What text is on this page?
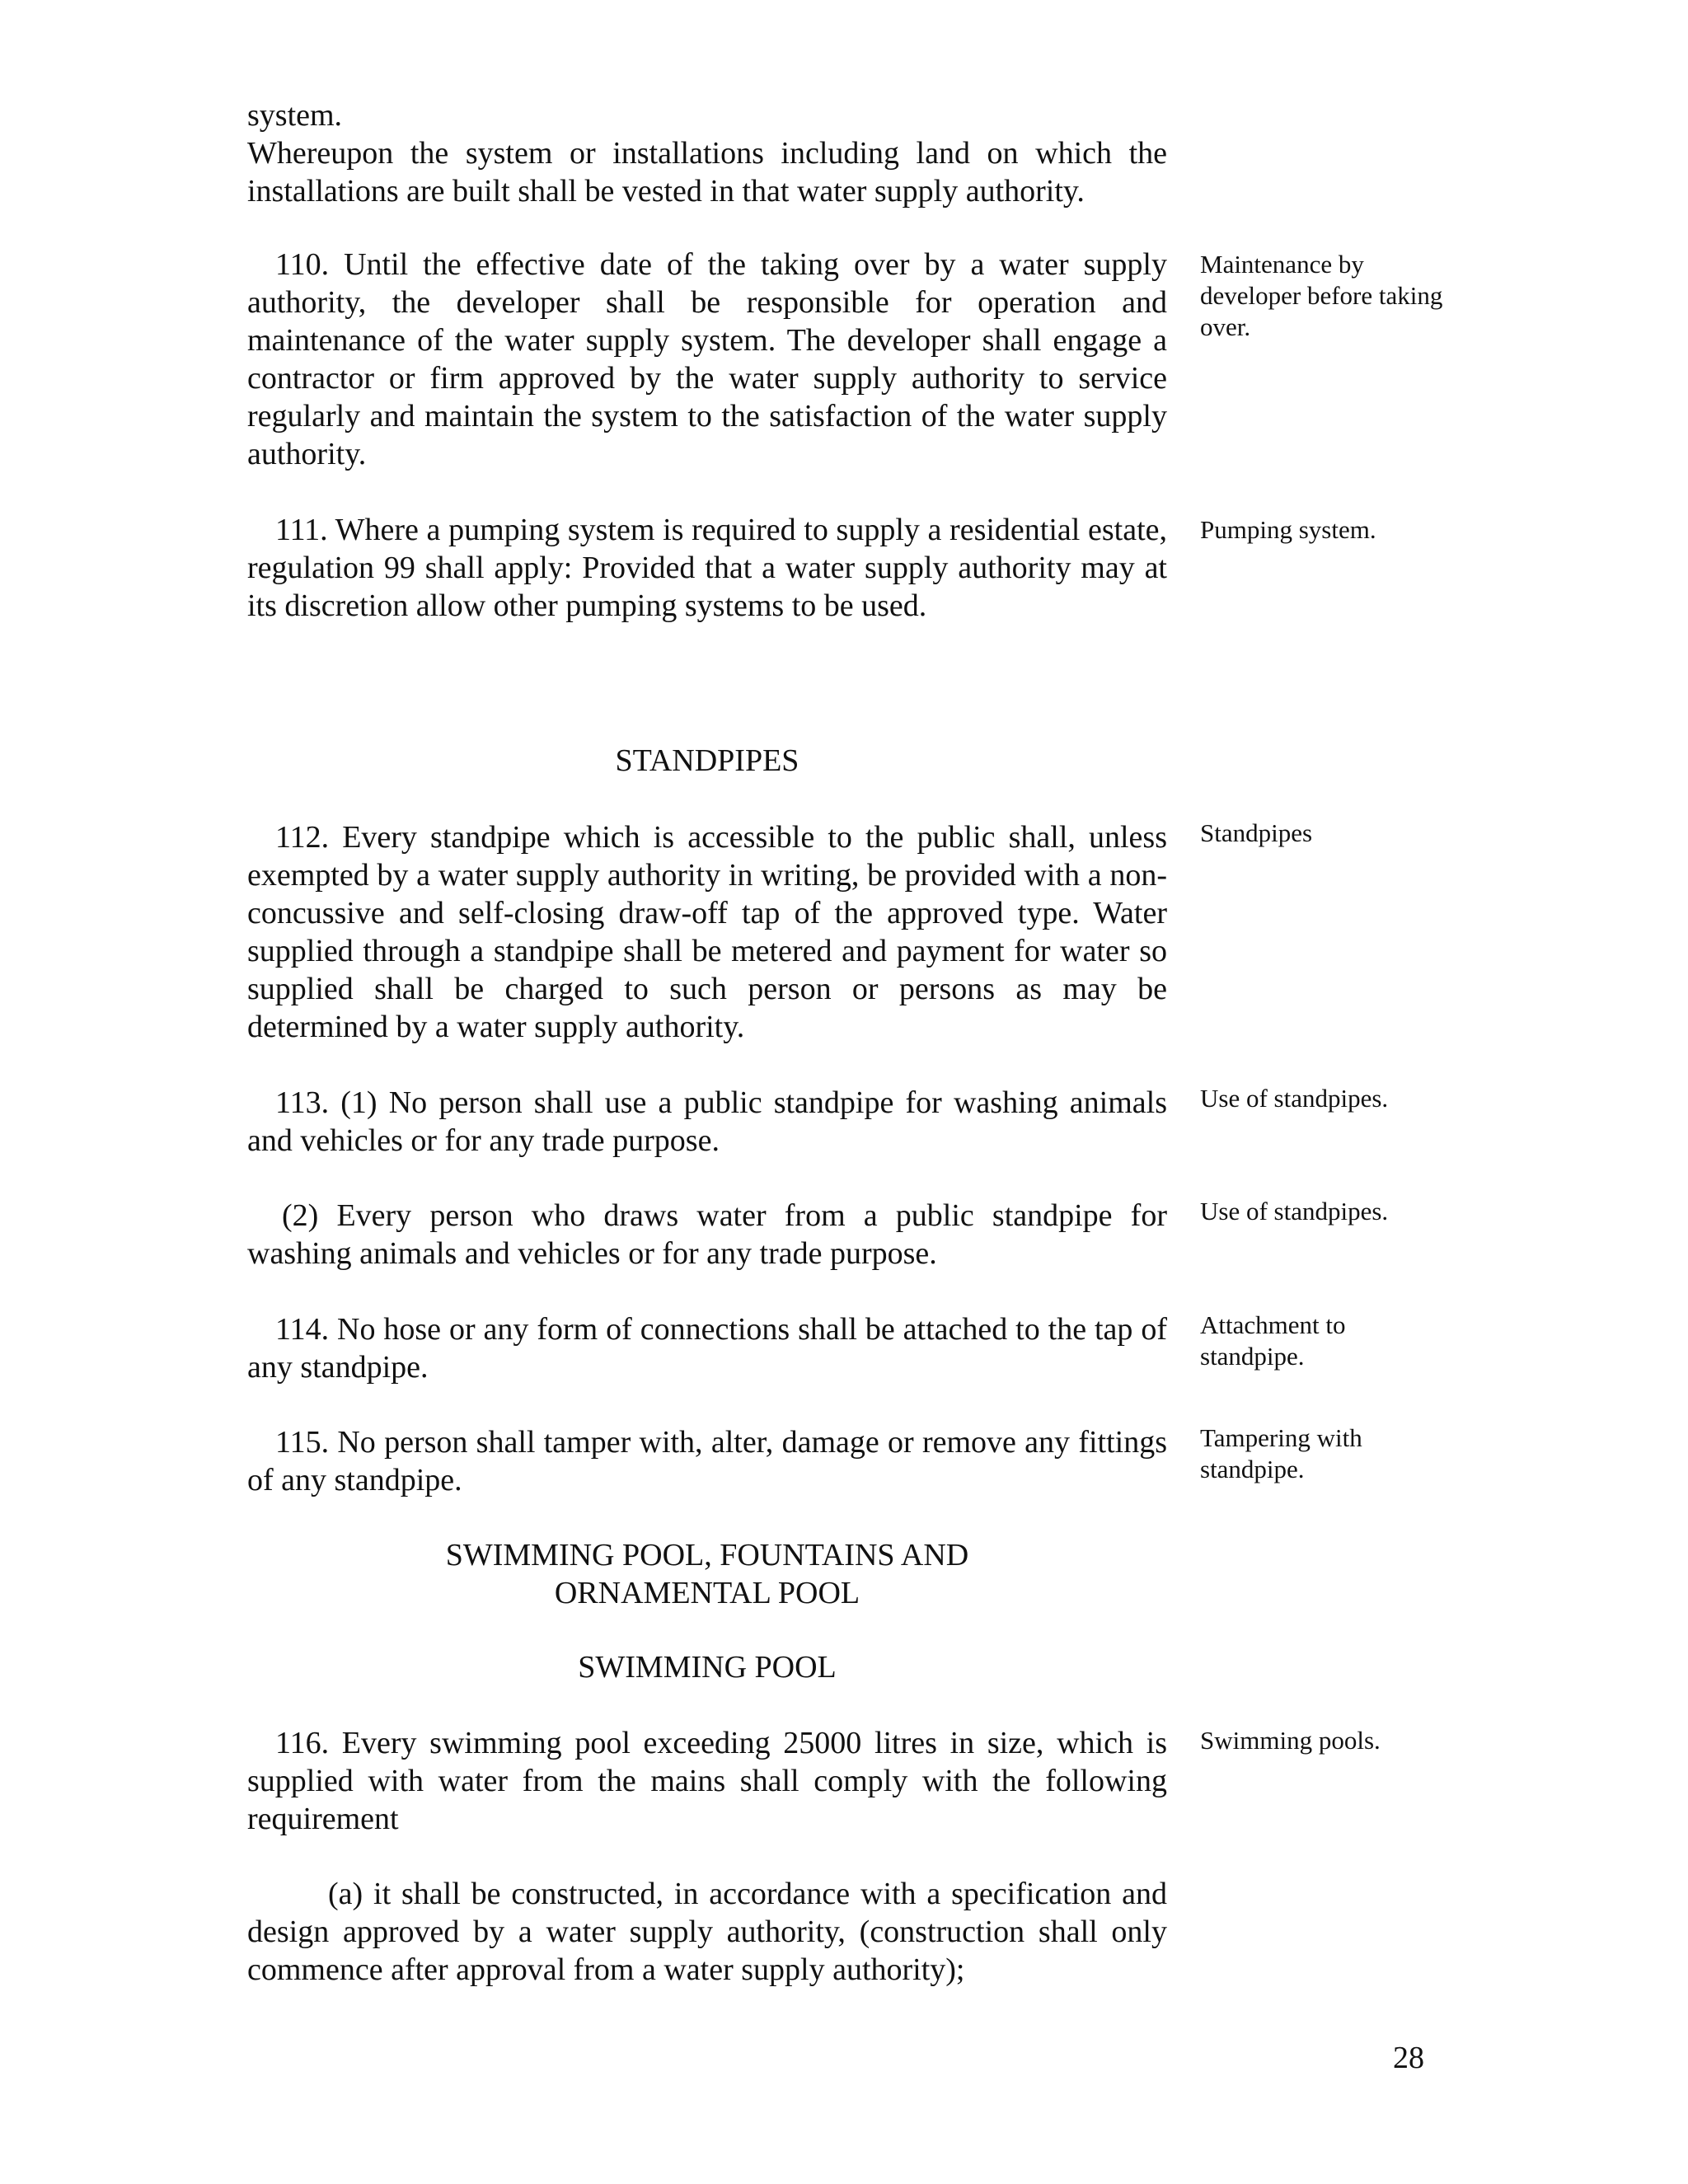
system.
Whereupon the system or installations including land on which the installations are built shall be vested in that water supply authority.

110. Until the effective date of the taking over by a water supply authority, the developer shall be responsible for operation and maintenance of the water supply system. The developer shall engage a contractor or firm approved by the water supply authority to service regularly and maintain the system to the satisfaction of the water supply authority.

Maintenance by developer before taking over.

111. Where a pumping system is required to supply a residential estate, regulation 99 shall apply: Provided that a water supply authority may at its discretion allow other pumping systems to be used.

Pumping system.

STANDPIPES

112. Every standpipe which is accessible to the public shall, unless exempted by a water supply authority in writing, be provided with a non-concussive and self-closing draw-off tap of the approved type. Water supplied through a standpipe shall be metered and payment for water so supplied shall be charged to such person or persons as may be determined by a water supply authority.

Standpipes

113. (1) No person shall use a public standpipe for washing animals and vehicles or for any trade purpose.

Use of standpipes.

(2) Every person who draws water from a public standpipe for washing animals and vehicles or for any trade purpose.

Use of standpipes.

114. No hose or any form of connections shall be attached to the tap of any standpipe.

Attachment to standpipe.

115. No person shall tamper with, alter, damage or remove any fittings of any standpipe.

Tampering with standpipe.

SWIMMING POOL, FOUNTAINS AND
ORNAMENTAL POOL
SWIMMING POOL

116. Every swimming pool exceeding 25000 litres in size, which is supplied with water from the mains shall comply with the following requirement

Swimming pools.

(a) it shall be constructed, in accordance with a specification and design approved by a water supply authority, (construction shall only commence after approval from a water supply authority);

28
